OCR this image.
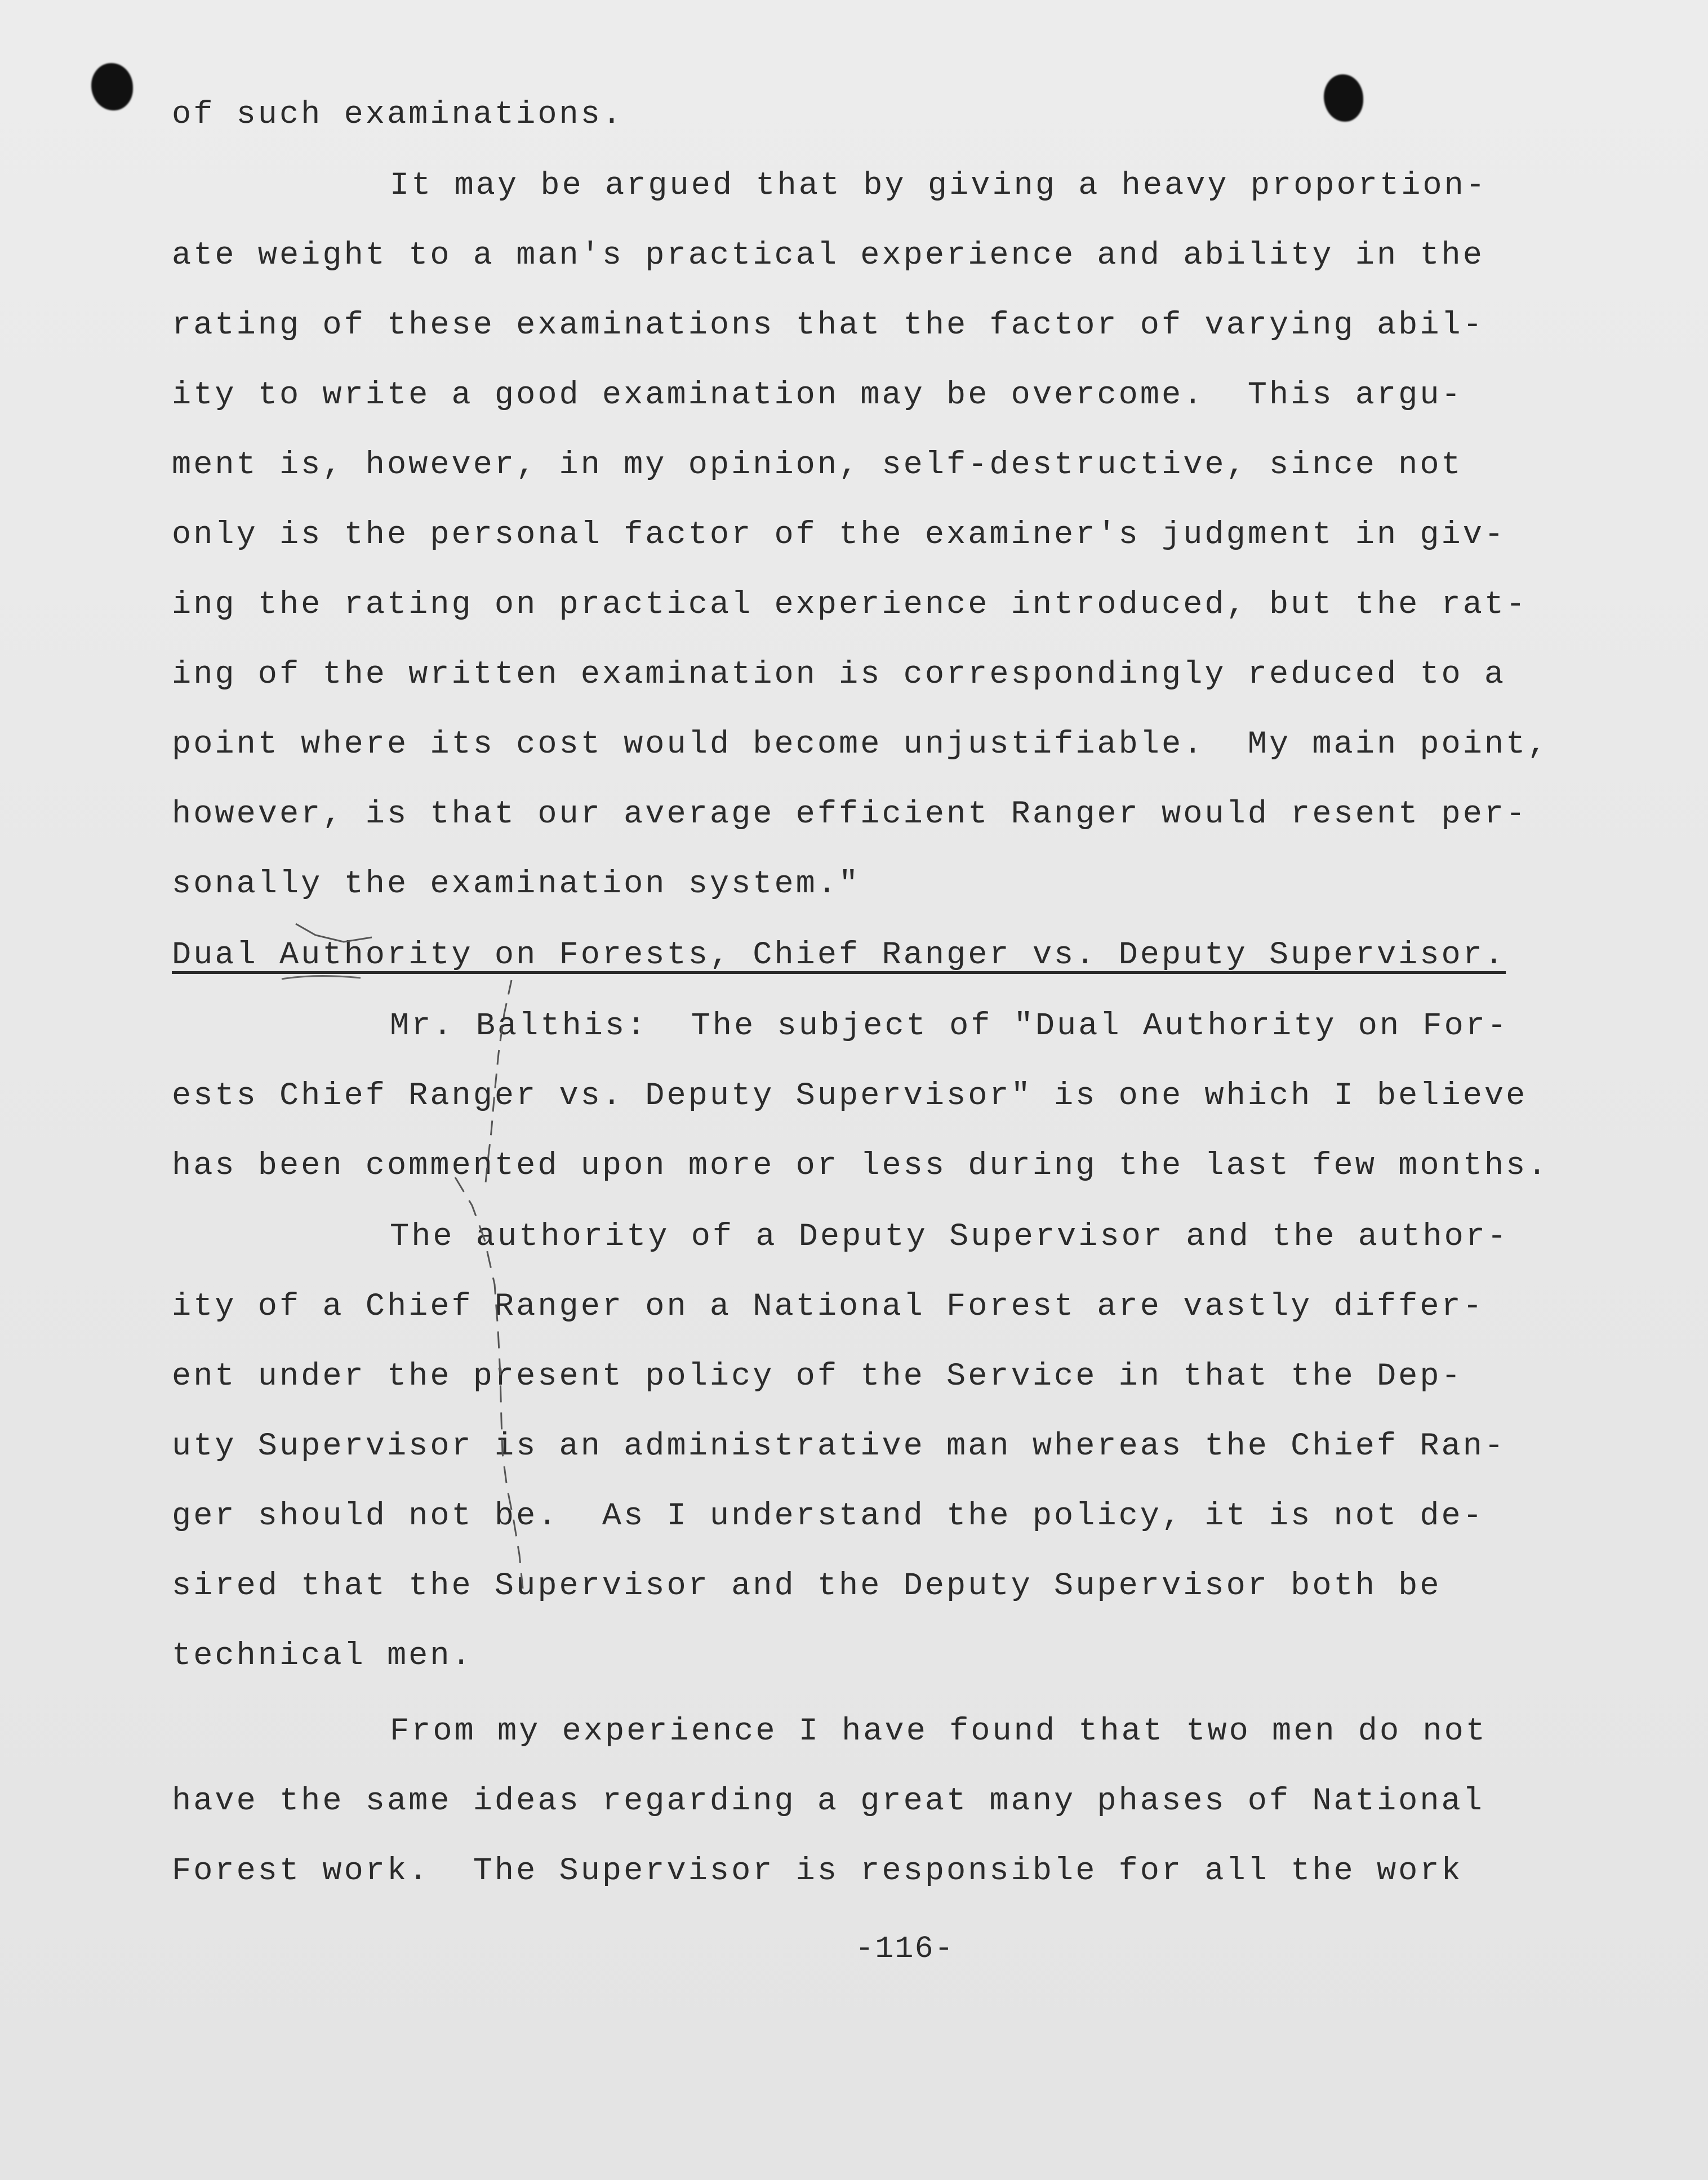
of such examinations.

It may be argued that by giving a heavy proportion-

ate weight to a man's practical experience and ability in the

rating of these examinations that the factor of varying abil-

ity to write a good examination may be overcome.  This argu-

ment is, however, in my opinion, self-destructive, since not

only is the personal factor of the examiner's judgment in giv-

ing the rating on practical experience introduced, but the rat-

ing of the written examination is correspondingly reduced to a

point where its cost would become unjustifiable.  My main point,

however, is that our average efficient Ranger would resent per-

sonally the examination system."

Dual Authority on Forests, Chief Ranger vs. Deputy Supervisor.

Mr. Balthis:  The subject of "Dual Authority on For-

ests Chief Ranger vs. Deputy Supervisor" is one which I believe

has been commented upon more or less during the last few months.

The authority of a Deputy Supervisor and the author-

ity of a Chief Ranger on a National Forest are vastly differ-

ent under the present policy of the Service in that the Dep-

uty Supervisor is an administrative man whereas the Chief Ran-

ger should not be.  As I understand the policy, it is not de-

sired that the Supervisor and the Deputy Supervisor both be

technical men.

From my experience I have found that two men do not

have the same ideas regarding a great many phases of National

Forest work.  The Supervisor is responsible for all the work

-116-
